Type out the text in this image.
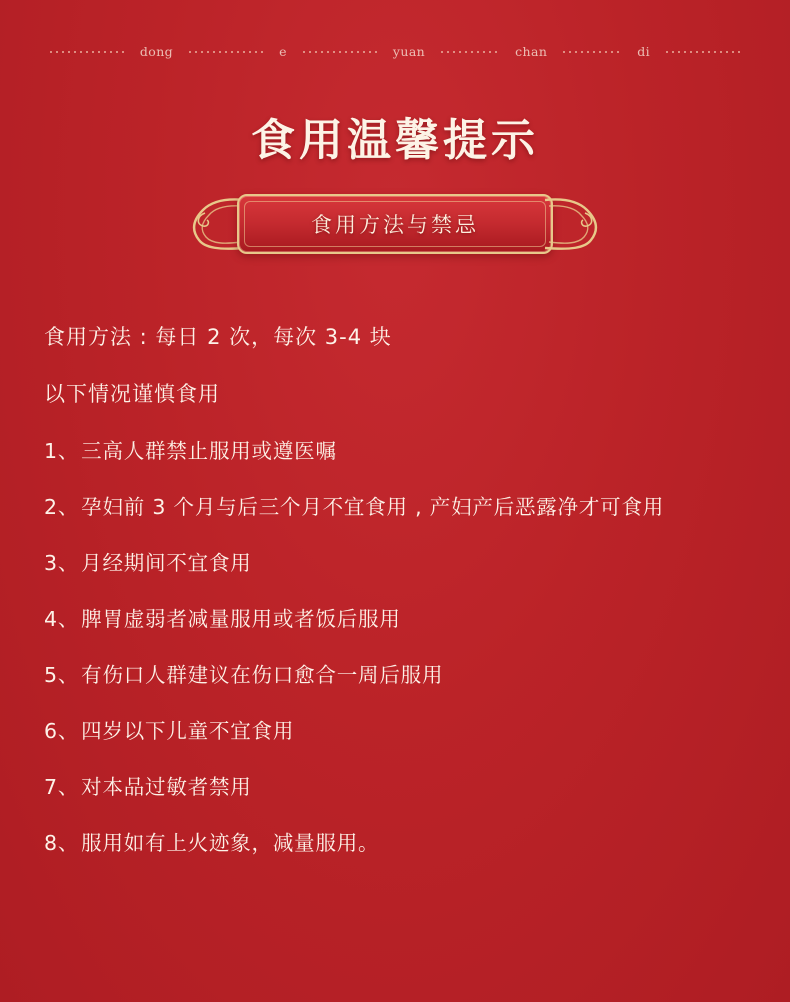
dong	e	yuan	chan	di
食用温馨提示
食用方法与禁忌
食用方法 : 每日 2 次，每次 3-4 块
以下情况谨慎食用
1、三高人群禁止服用或遵医嘱
2、孕妇前 3 个月与后三个月不宜食用 , 产妇产后恶露净才可食用
3、月经期间不宜食用
4、脾胃虚弱者减量服用或者饭后服用
5、有伤口人群建议在伤口愈合一周后服用
6、四岁以下儿童不宜食用
7、对本品过敏者禁用
8、服用如有上火迹象，减量服用。
